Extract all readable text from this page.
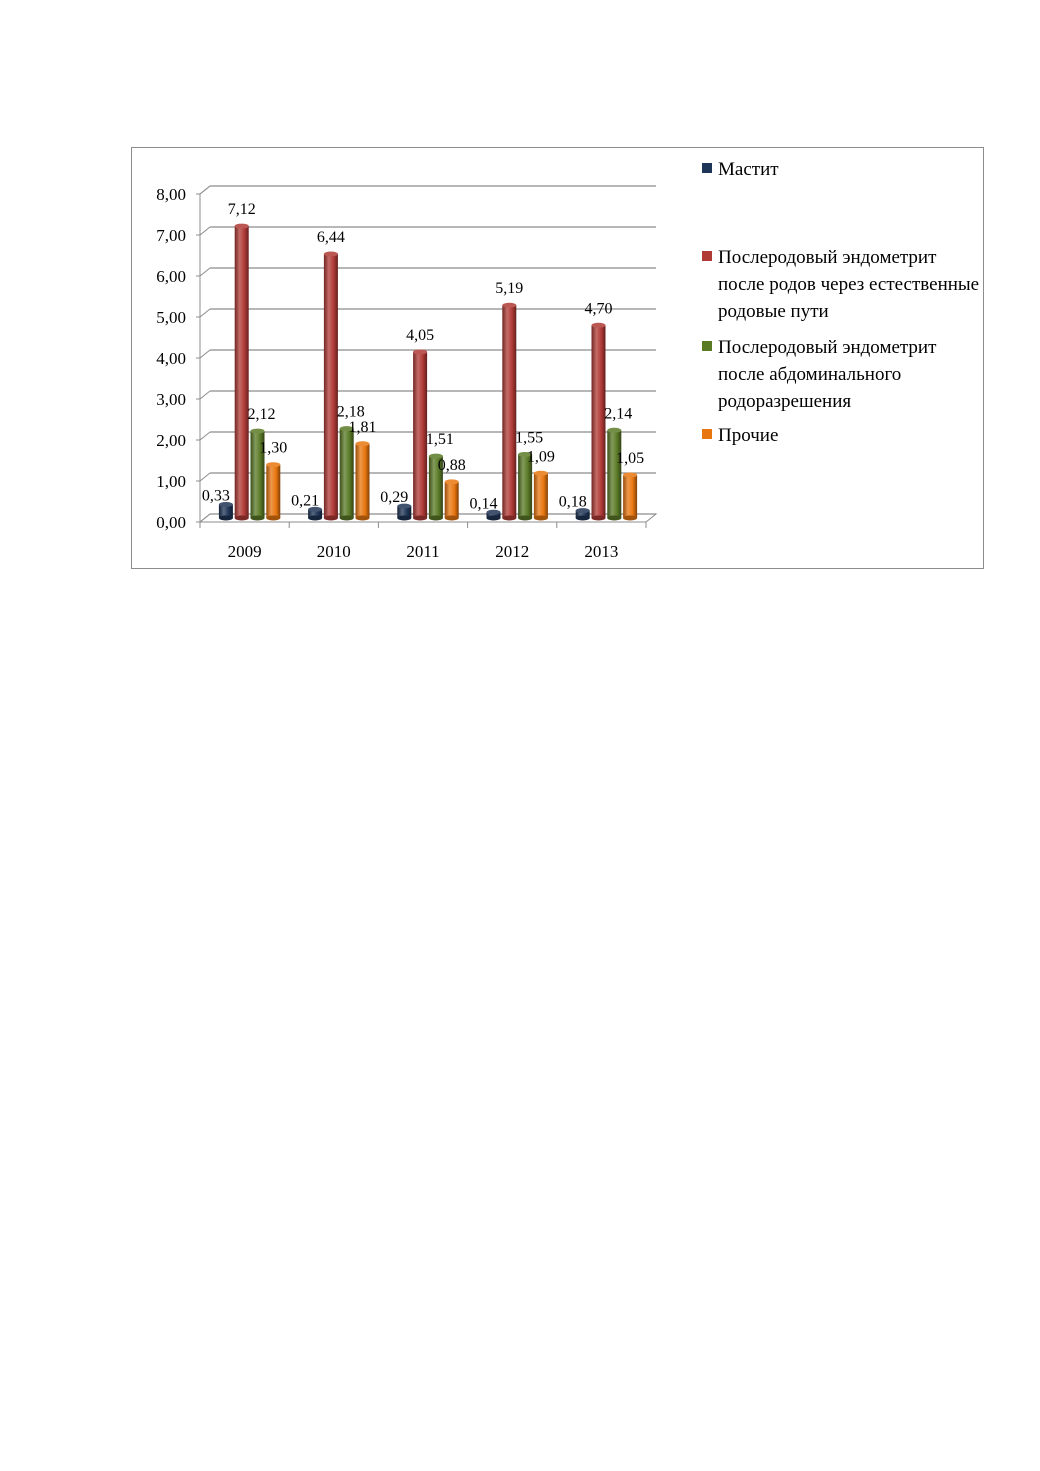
0,00
1,00
2,00
3,00
4,00
5,00
6,00
7,00
8,00
0,33
7,12
2,12
1,30
0,21
6,44
2,18
1,81
0,29
4,05
1,51
0,88
0,14
5,19
1,55
1,09
0,18
4,70
2,14
1,05
2009	2010	2011	2012	2013
Мастит
Послеродовый эндометрит после родов через естественные родовые пути
Послеродовый эндометрит после абдоминального родоразрешения
Прочие
